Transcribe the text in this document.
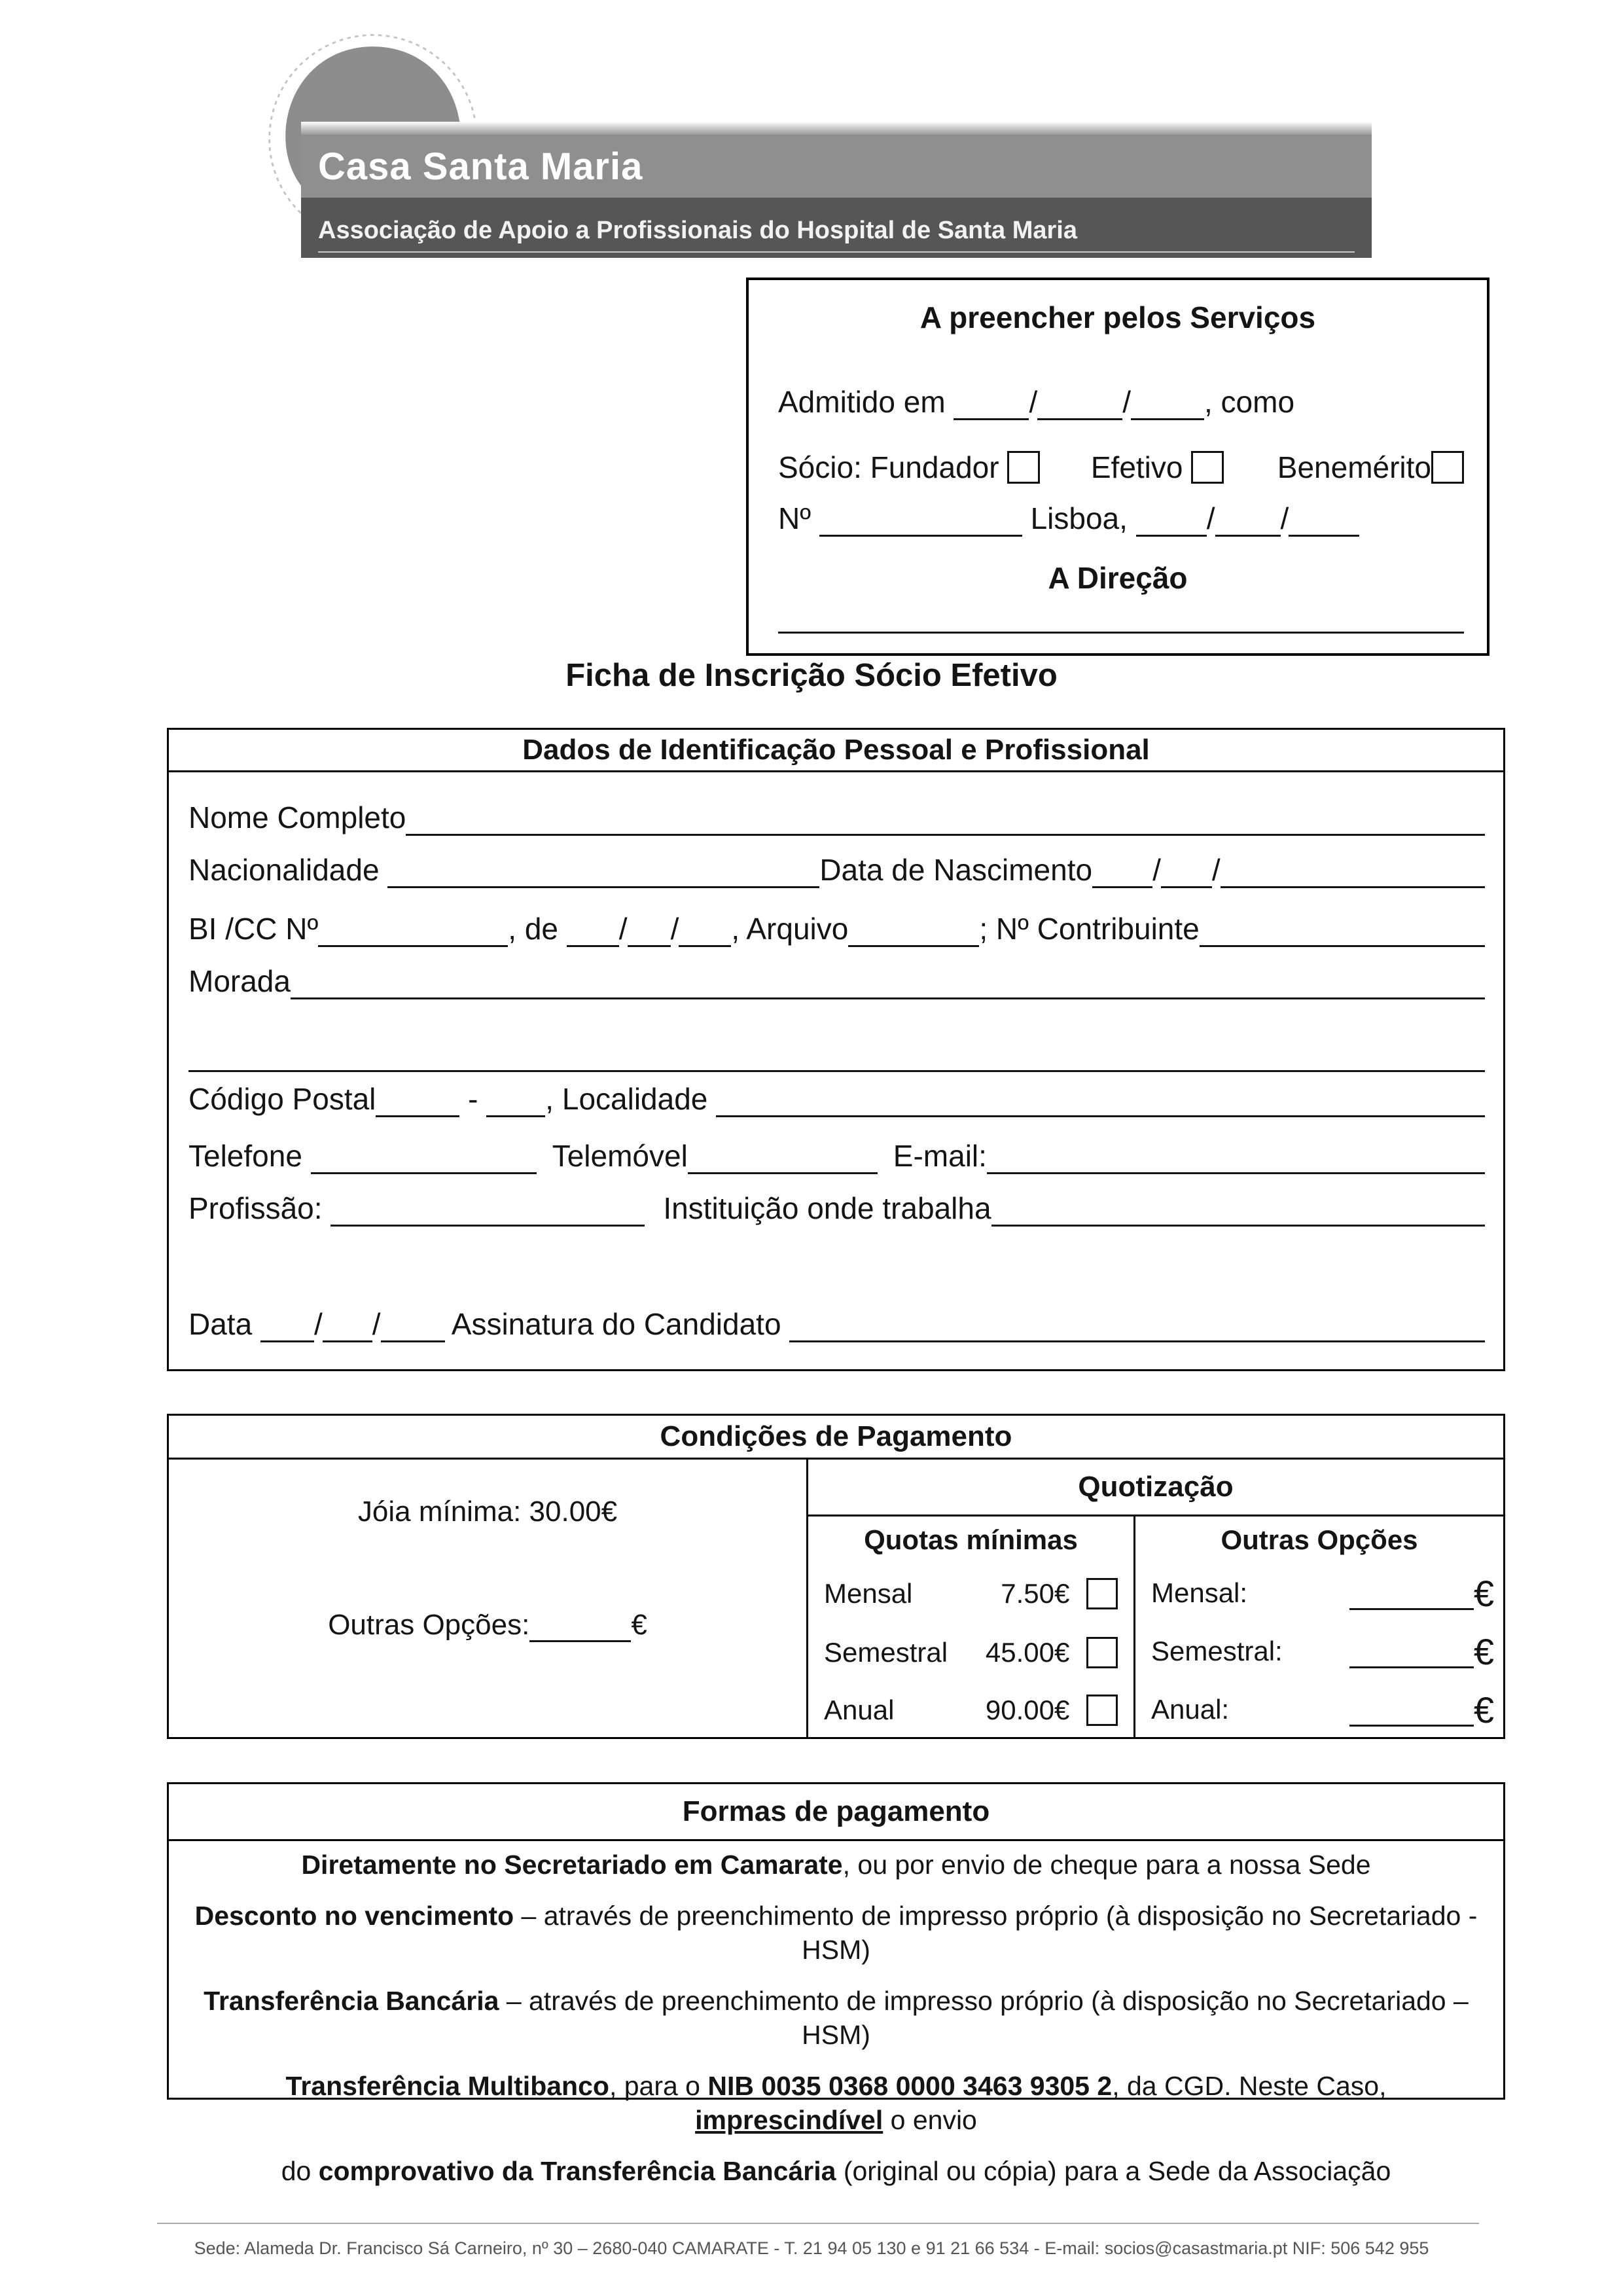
Casa Santa Maria
Associação de Apoio a Profissionais do Hospital de Santa Maria
A preencher pelos Serviços
Admitido em	/	/ , como
Sócio: Fundador	Efetivo	Benemérito
Nº	Lisboa, / /
A Direção
Ficha de Inscrição Sócio Efetivo
Dados de Identificação Pessoal e Profissional
Nome Completo
Nacionalidade	Data de Nascimento / /
BI /CC Nº	, de / / , Arquivo	; Nº Contribuinte
Morada
Código Postal	- , Localidade
Telefone	Telemóvel	E-mail:
Profissão:	Instituição onde trabalha
Data / / Assinatura do Candidato
Condições de Pagamento
Jóia mínima: 30.00€
Outras Opções:	€
Quotização
Quotas mínimas
Mensal	7.50€
Semestral 45.00€
Anual	90.00€
Outras Opções
Mensal:	€
Semestral:	€
Anual:	€
Formas de pagamento
Diretamente no Secretariado em Camarate, ou por envio de cheque para a nossa Sede
Desconto no vencimento – através de preenchimento de impresso próprio (à disposição no Secretariado - HSM)
Transferência Bancária – através de preenchimento de impresso próprio (à disposição no Secretariado – HSM)
Transferência Multibanco, para o NIB 0035 0368 0000 3463 9305 2, da CGD. Neste Caso, imprescindível o envio
do comprovativo da Transferência Bancária (original ou cópia) para a Sede da Associação
Sede: Alameda Dr. Francisco Sá Carneiro, nº 30 – 2680-040 CAMARATE - T. 21 94 05 130 e 91 21 66 534 - E-mail: socios@casastmaria.pt NIF: 506 542 955
